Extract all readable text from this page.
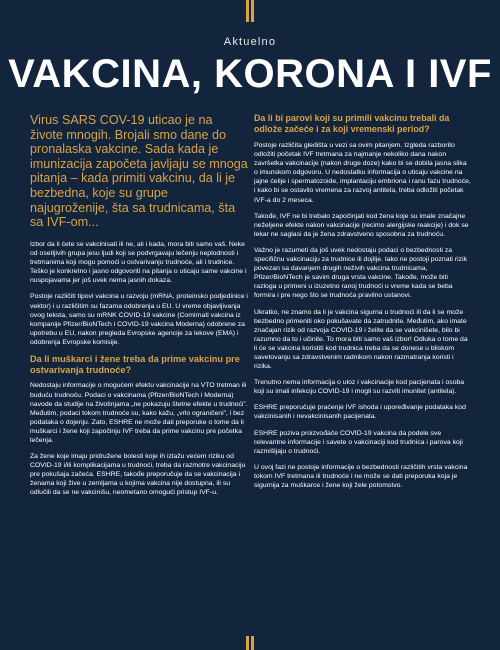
Aktuelno
VAKCINA, KORONA I IVF
Virus SARS COV-19 uticao je na živote mnogih. Brojali smo dane do pronalaska vakcine. Sada kada je imunizacija započeta javljaju se mnoga pitanja – kada primiti vakcinu, da li je bezbedna, koje su grupe najugroženije, šta sa trudnicama, šta sa IVF-om...

Izbor da li ćete se vakcinisati ili ne, ali i kada, mora biti samo vaš. Neke od osetljivih grupa jesu ljudi koji se podvrgavaju lečenju neplodnosti i tretmanima koji mogu pomoći u ostvarivanju trudnoće, ali i trudnice. Teško je konkretno i jasno odgovoriti na pitanja o uticaju same vakcine i nuspojavama jer još uvek nema jasnih dokaza.

Postoje različiti tipovi vakcina u razvoju (mRNA, proteinsko podjedinice i vektor) i u različitim su fazama odobrenja u EU. U vreme objavljivanja ovog teksta, samo su mRNK COVID-19 vakcine (Comirnati vakcina iz kompanije Pfizer/BioNTech i COVID-19 vakcina Moderna) odobrene za upotrebu u EU, nakon pregleda Evropske agencije za lekove (EMA) i odobrenja Evropske komisije.

Da li muškarci i žene treba da prime vakcinu pre ostvarivanja trudnoće?

Nedostaju informacije o mogućem efektu vakcinacije na VTO tretman ili buduću trudnoću. Podaci o vakcinama (Pfizer/BioNTech i Moderna) navode da studije na životinjama „ne pokazuju štetne efekte u trudnoći”. Međutim, podaci tokom trudnoće su, kako kažu, „vrlo ograničeni”, i bez podataka o dojenju. Zato, ESHRE ne može dati preporuke o tome da li muškarci i žene koji započinju IVF treba da prime vakcinu pre početka lečenja.

Za žene koje imaju pridružene bolesti koje ih izlažu većem riziku od COVID-19 i/ili komplikacijama u trudnoći, treba da razmotre vakcinaciju pre pokušaja začeća. ESHRE, takođe preporučuje da se vakcinacija i ženama koji žive u zemljama u kojima vakcina nije dostupna, ili su odlučili da se ne vakcinišu, neometano omogući pristup IVF-u.

Da li bi parovi koji su primili vakcinu trebali da odlože začeće i za koji vremenski period?

Postoje različita gledišta u vezi sa ovim pitanjem. Izgleda razborito odložiti početak IVF tretmana za najmanje nekoliko dana nakon završetka vakcinacije (nakon druge doze) kako bi se dobila jasna slika o imunskom odgovoru. U nedostatku informacija o uticaju vakcine na jajne ćelije i spermatozoide, implantaciju embriona i ranu fazu trudnoće, i kako bi se ostavilo vremena za razvoj antitela, treba odložiti početak IVF-a do 2 meseca.

Takođe, IVF ne bi trebalo započinjati kod žena koje su imale značajne neželjene efekte nakon vakcinacije (recimo alergijske reakcije) i dok se lekar ne saglasi da je žena zdravstveno sposobna za trudnoću.

Važno je razumeti da još uvek nedostaju podaci o bezbednosti za specifičnu vakcinaciju za trudnice ili dojilje. Iako ne postoji poznati rizik povezan sa davanjem drugih neživih vakcina trudnicama, Pfizer/BioNTech je savim druga vrsta vakcine. Takođe, može biti razloga u primeni u izuzetno ranoj trudnoći u vreme kada se beba formira i pre nego što se trudnoća pravilno ustanovi.

Ukratko, ne znamo da li je vakcina sigurna u trudnoći ili da li se može bezbedno primeniti oko pokušavate da zatrudnite. Međutim, ako imate značajan rizik od razvoja COVID-19 i želite da se vakcinišete, bilo bi razumno da to i učinite. To mora biti samo vaš izbor! Odluka o tome da li će se vakcina koristiti kod trudnica treba da se donese u bliskom savetovanju sa zdravstvenim radnikom nakon razmatranja koristi i rizika.

Trenutno nema informacija o uloz i vakcinacije kod pacijenata i osoba koji su imali infekciju COVID-19 i mogli su razviti imunitet (antitela).

ESHRE preporučuje praćenje IVF ishoda i upoređivanje podataka kod vakcinisanih i nevakcinisanih pacijenata.

ESHRE poziva proizvođače COVID-19 vakcina da podele sve relevantne informacije i savete o vakcinaciji kod trudnica i parova koji razmišljaju o trudnoći.

U ovoj fazi ne postoje informacije o bezbednosti različitih vrsta vakcina tokom IVF tretmana ili trudnoće i ne može se dati preporuka koja je sigurnija za muškarce i žene koji žele potomstvo.
